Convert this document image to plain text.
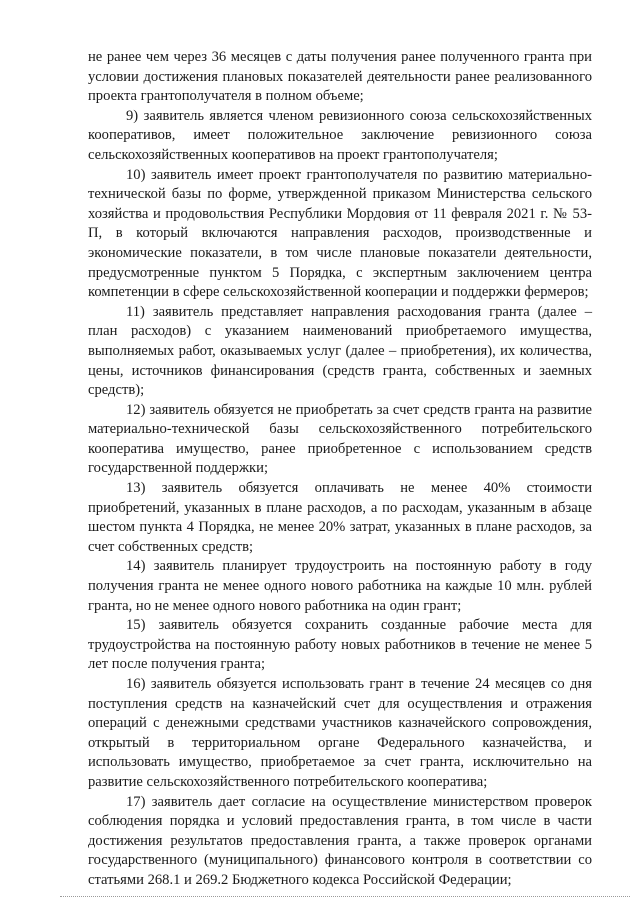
не ранее чем через 36 месяцев с даты получения ранее полученного гранта при условии достижения плановых показателей деятельности ранее реализованного проекта грантополучателя в полном объеме;

9) заявитель является членом ревизионного союза сельскохозяйственных кооперативов, имеет положительное заключение ревизионного союза сельскохозяйственных кооперативов на проект грантополучателя;

10) заявитель имеет проект грантополучателя по развитию материально-технической базы по форме, утвержденной приказом Министерства сельского хозяйства и продовольствия Республики Мордовия от 11 февраля 2021 г. № 53-П, в который включаются направления расходов, производственные и экономические показатели, в том числе плановые показатели деятельности, предусмотренные пунктом 5 Порядка, с экспертным заключением центра компетенции в сфере сельскохозяйственной кооперации и поддержки фермеров;

11) заявитель представляет направления расходования гранта (далее – план расходов) с указанием наименований приобретаемого имущества, выполняемых работ, оказываемых услуг (далее – приобретения), их количества, цены, источников финансирования (средств гранта, собственных и заемных средств);

12) заявитель обязуется не приобретать за счет средств гранта на развитие материально-технической базы сельскохозяйственного потребительского кооператива имущество, ранее приобретенное с использованием средств государственной поддержки;

13) заявитель обязуется оплачивать не менее 40% стоимости приобретений, указанных в плане расходов, а по расходам, указанным в абзаце шестом пункта 4 Порядка, не менее 20% затрат, указанных в плане расходов, за счет собственных средств;

14) заявитель планирует трудоустроить на постоянную работу в году получения гранта не менее одного нового работника на каждые 10 млн. рублей гранта, но не менее одного нового работника на один грант;

15) заявитель обязуется сохранить созданные рабочие места для трудоустройства на постоянную работу новых работников в течение не менее 5 лет после получения гранта;

16) заявитель обязуется использовать грант в течение 24 месяцев со дня поступления средств на казначейский счет для осуществления и отражения операций с денежными средствами участников казначейского сопровождения, открытый в территориальном органе Федерального казначейства, и использовать имущество, приобретаемое за счет гранта, исключительно на развитие сельскохозяйственного потребительского кооператива;

17) заявитель дает согласие на осуществление министерством проверок соблюдения порядка и условий предоставления гранта, в том числе в части достижения результатов предоставления гранта, а также проверок органами государственного (муниципального) финансового контроля в соответствии со статьями 268.1 и 269.2 Бюджетного кодекса Российской Федерации;
